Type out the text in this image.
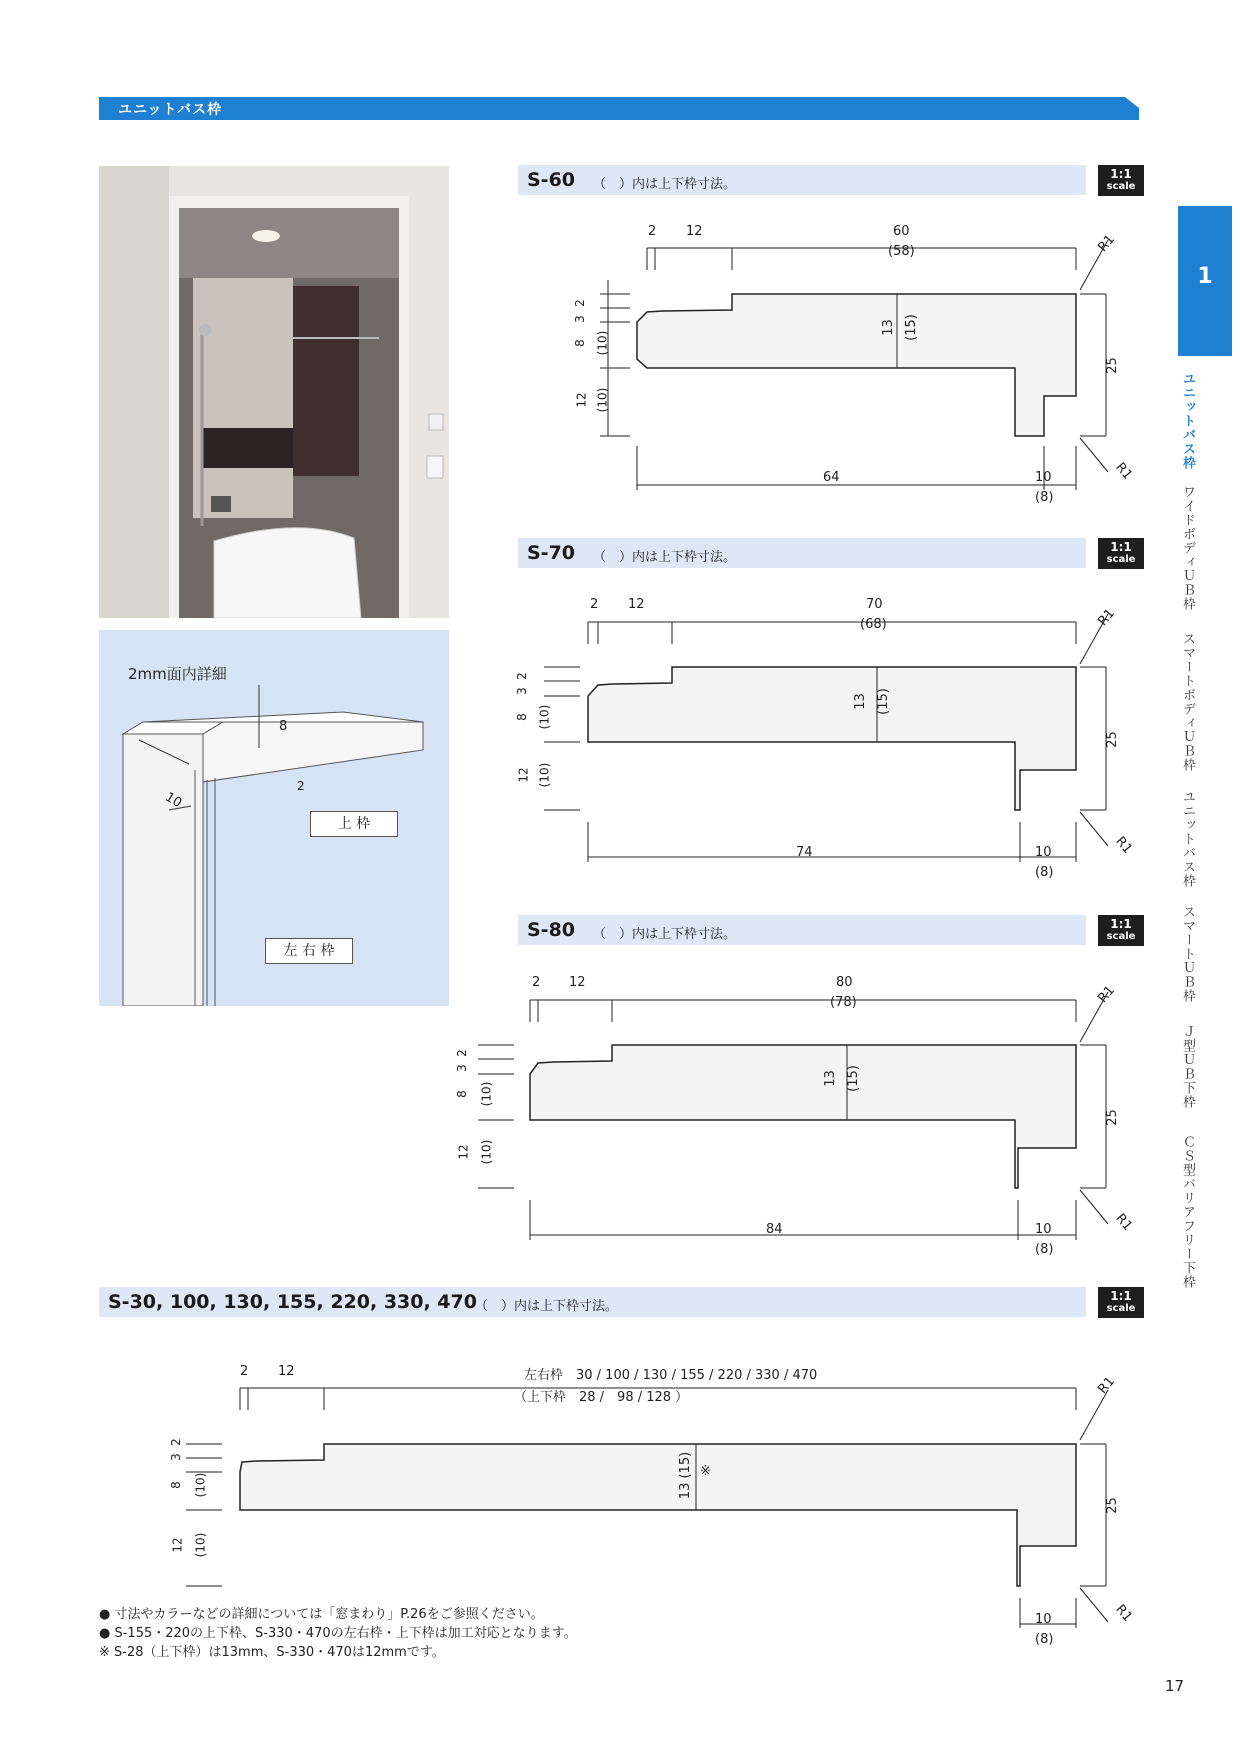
ユニットバス枠
2mm面内詳細
8
10
2
上 枠
左 右 枠
1
ユニットバス枠
ワイドボディＵＢ枠
スマートボディＵＢ枠
ユニットバス枠
スマートＵＢ枠
Ｊ型ＵＢ下枠
ＣＳ型バリアフリー下枠
S-60 （　）内は上下枠寸法。
1:1
scale
2 12	60
(58)	R1
R1
64	10
(8)
13 (15)
25
2
3
8 (10)
12 (10)
S-70 （　）内は上下枠寸法。
1:1
scale
2 12	70
(68)	R1
R1
74	10
(8)
13 (15)
25
2
3
8 (10)
12 (10)
S-80 （　）内は上下枠寸法。
1:1
scale
2 12	80
(78)	R1
R1
84	10
(8)
13 (15)
25
2
3
8 (10)
12 (10)
S-30, 100, 130, 155, 220, 330, 470
（　）内は上下枠寸法。
1:1
scale
2 12	左右枠　30 / 100 / 130 / 155 / 220 / 330 / 470
（上下枠　28 /　98 / 128 ）
R1
R1
10
(8)
13 (15) ※
25
2
3
8 (10)
12 (10)
● 寸法やカラーなどの詳細については「窓まわり」P.26をご参照ください。
● S-155・220の上下枠、S-330・470の左右枠・上下枠は加工対応となります。
※ S-28（上下枠）は13mm、S-330・470は12mmです。
17
